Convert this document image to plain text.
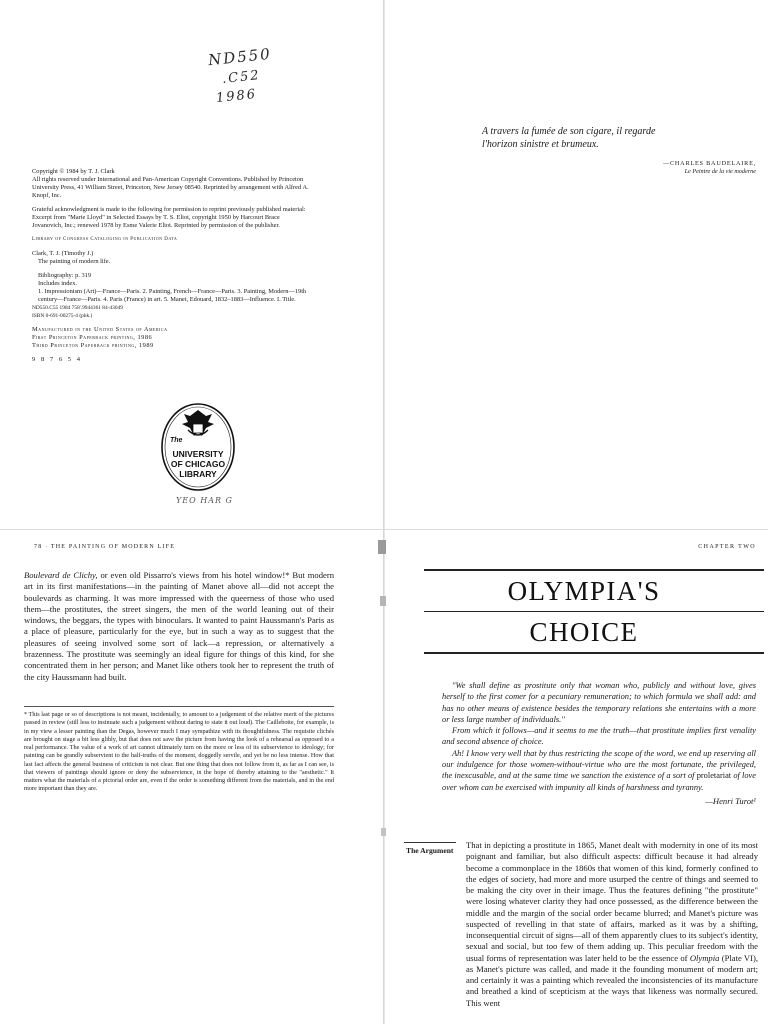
ND550
.C52
1986

Copyright © 1984 by T. J. Clark

All rights reserved under International and Pan-American Copyright Conventions. Published by Princeton University Press, 41 William Street, Princeton, New Jersey 08540. Reprinted by arrangement with Alfred A. Knopf, Inc.

Grateful acknowledgment is made to the following for permission to reprint previously published material: Excerpt from "Marie Lloyd" in Selected Essays by T. S. Eliot, copyright 1950 by Harcourt Brace Jovanovich, Inc.; renewed 1978 by Esme Valerie Eliot. Reprinted by permission of the publisher.

Library of Congress Cataloging in Publication Data

Clark, T. J. (Timothy J.)

The painting of modern life.

Bibliography: p. 319

Includes index.

1. Impressionism (Art)—France—Paris. 2. Painting, French—France—Paris. 3. Painting, Modern—19th century—France—Paris. 4. Paris (France) in art. 5. Manet, Edouard, 1832–1883—Influence. I. Title.

ND550.C55 1984 758'.9944361 84-43049

ISBN 0-691-00275-4 (pbk.)

Manufactured in the United States of America

First Princeton Paperback printing, 1986

Third Princeton Paperback printing, 1989

9 8 7 6 5 4

The
UNIVERSITY
OF CHICAGO
LIBRARY
YEO HAR G
A travers la fumée de son cigare, il regarde
l'horizon sinistre et brumeux.
—CHARLES BAUDELAIRE,
Le Peintre de la vie moderne
78 · THE PAINTING OF MODERN LIFE

Boulevard de Clichy, or even old Pissarro's views from his hotel window!* But modern art in its first manifestations—in the painting of Manet above all—did not accept the boulevards as charming. It was more impressed with the queerness of those who used them—the prostitutes, the street singers, the men of the world leaning out of their windows, the beggars, the types with binoculars. It wanted to paint Haussmann's Paris as a place of pleasure, particularly for the eye, but in such a way as to suggest that the pleasures of seeing involved some sort of lack—a repression, or alternatively a brazenness. The prostitute was seemingly an ideal figure for things of this kind, for she concentrated them in her person; and Manet like others took her to represent the truth of the city Haussmann had built.

* This last page or so of descriptions is not meant, incidentally, to amount to a judgement of the relative merit of the pictures passed in review (still less to insinuate such a judgement without daring to state it out loud). The Caillebotte, for example, is in my view a lesser painting than the Degas, however much I may sympathize with its thoughtfulness. The requisite clichés are brought on stage a bit less glibly, but that does not save the picture from having the look of a rehearsal as opposed to a real performance. The value of a work of art cannot ultimately turn on the more or less of its subservience to ideology; for painting can be grandly subservient to the half-truths of the moment, doggedly servile, and yet be no less intense. How that last fact affects the general business of criticism is not clear. But one thing that does not follow from it, as far as I can see, is that viewers of paintings should ignore or deny the subservience, in the hope of thereby attaining to the "aesthetic." It matters what the materials of a pictorial order are, even if the order is something different from the materials, and in the end more important than they are.

CHAPTER TWO
OLYMPIA'S
CHOICE

"We shall define as prostitute only that woman who, publicly and without love, gives herself to the first comer for a pecuniary remuneration; to which formula we shall add: and has no other means of existence besides the temporary relations she entertains with a more or less large number of individuals."

From which it follows—and it seems to me the truth—that prostitute implies first venality and second absence of choice.

Ah! I know very well that by thus restricting the scope of the word, we end up reserving all our indulgence for those women-without-virtue who are the most fortunate, the privileged, the inexcusable, and at the same time we sanction the existence of a sort of proletariat of love over whom can be exercised with impunity all kinds of harshness and tyranny.

—Henri Turot¹

The Argument

That in depicting a prostitute in 1865, Manet dealt with modernity in one of its most poignant and familiar, but also difficult aspects: difficult because it had already become a commonplace in the 1860s that women of this kind, formerly confined to the edges of society, had more and more usurped the centre of things and seemed to be making the city over in their image. Thus the features defining "the prostitute" were losing whatever clarity they had once possessed, as the difference between the middle and the margin of the social order became blurred; and Manet's picture was suspected of revelling in that state of affairs, marked as it was by a shifting, inconsequential circuit of signs—all of them apparently clues to its subject's identity, sexual and social, but too few of them adding up. This peculiar freedom with the usual forms of representation was later held to be the essence of Olympia (Plate VI), as Manet's picture was called, and made it the founding monument of modern art; and certainly it was a painting which revealed the inconsistencies of its manufacture and breathed a kind of scepticism at the ways that likeness was normally secured. This went
